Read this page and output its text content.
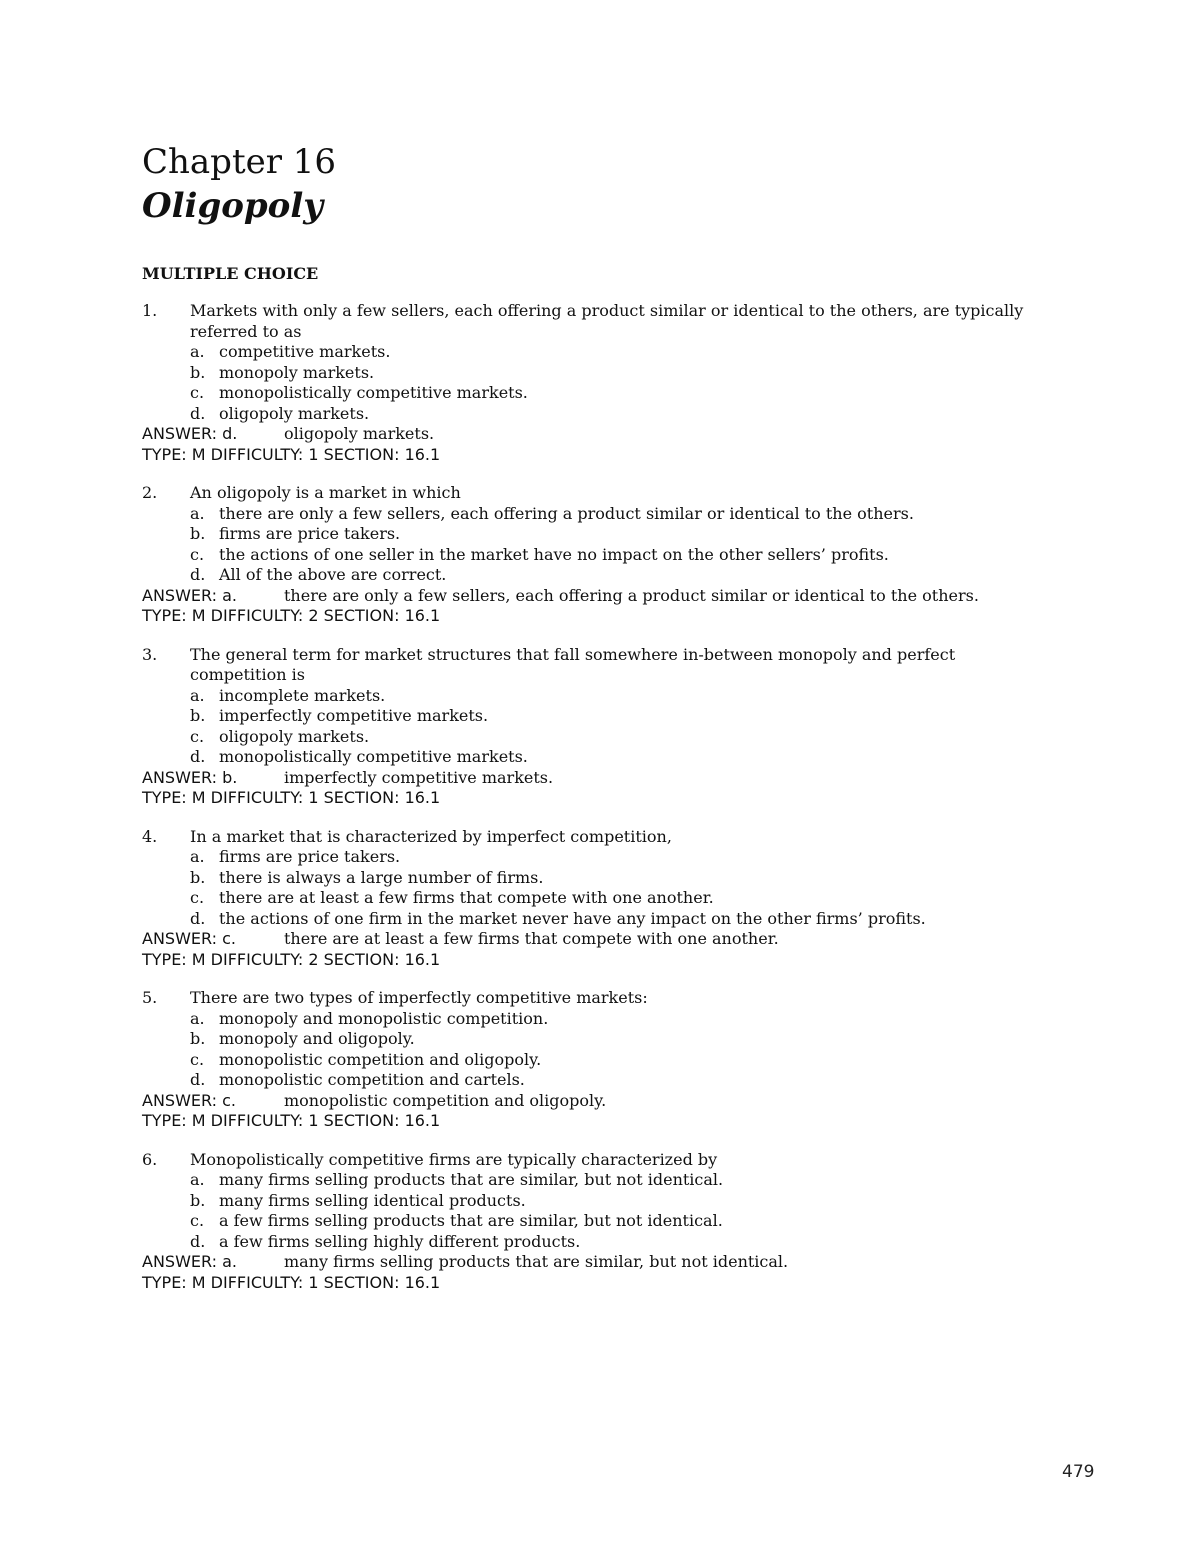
Chapter 16
Oligopoly
MULTIPLE CHOICE
1.	Markets with only a few sellers, each offering a product similar or identical to the others, are typically referred to as
a. competitive markets.
b. monopoly markets.
c. monopolistically competitive markets.
d. oligopoly markets.
ANSWER: d.	oligopoly markets.
TYPE: M DIFFICULTY: 1 SECTION: 16.1
2.	An oligopoly is a market in which
a. there are only a few sellers, each offering a product similar or identical to the others.
b. firms are price takers.
c. the actions of one seller in the market have no impact on the other sellers’ profits.
d. All of the above are correct.
ANSWER: a.	there are only a few sellers, each offering a product similar or identical to the others.
TYPE: M DIFFICULTY: 2 SECTION: 16.1
3.	The general term for market structures that fall somewhere in-between monopoly and perfect competition is
a. incomplete markets.
b. imperfectly competitive markets.
c. oligopoly markets.
d. monopolistically competitive markets.
ANSWER: b.	imperfectly competitive markets.
TYPE: M DIFFICULTY: 1 SECTION: 16.1
4.	In a market that is characterized by imperfect competition,
a. firms are price takers.
b. there is always a large number of firms.
c. there are at least a few firms that compete with one another.
d. the actions of one firm in the market never have any impact on the other firms’ profits.
ANSWER: c.	there are at least a few firms that compete with one another.
TYPE: M DIFFICULTY: 2 SECTION: 16.1
5.	There are two types of imperfectly competitive markets:
a. monopoly and monopolistic competition.
b. monopoly and oligopoly.
c. monopolistic competition and oligopoly.
d. monopolistic competition and cartels.
ANSWER: c.	monopolistic competition and oligopoly.
TYPE: M DIFFICULTY: 1 SECTION: 16.1
6.	Monopolistically competitive firms are typically characterized by
a. many firms selling products that are similar, but not identical.
b. many firms selling identical products.
c. a few firms selling products that are similar, but not identical.
d. a few firms selling highly different products.
ANSWER: a.	many firms selling products that are similar, but not identical.
TYPE: M DIFFICULTY: 1 SECTION: 16.1
479
